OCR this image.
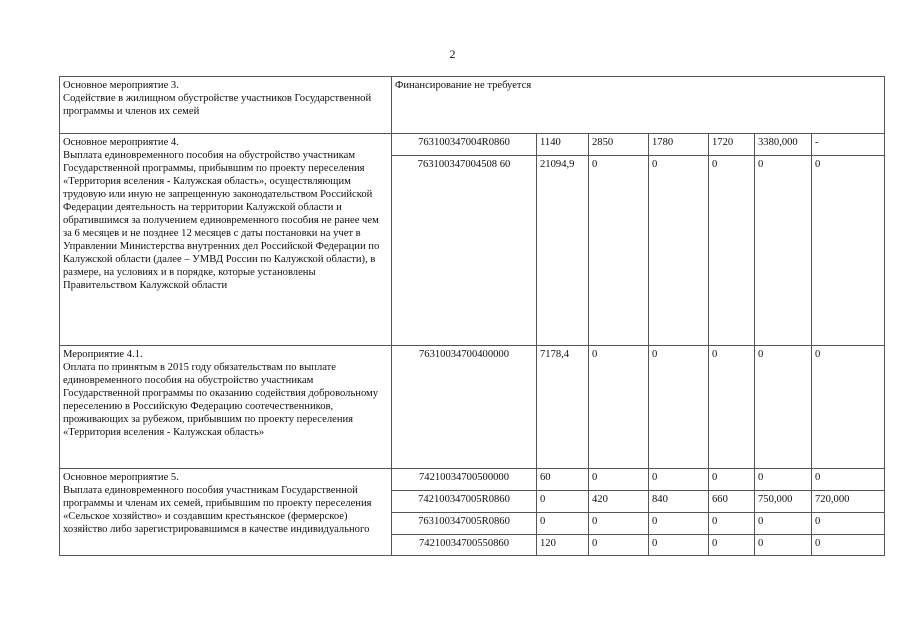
2
Основное мероприятие 3.
Содействие в жилищном обустройстве участников Государственной программы и членов их семей	Финансирование не требуется						
Основное мероприятие 4.
Выплата единовременного пособия на обустройство участникам Государственной программы, прибывшим по проекту переселения «Территория вселения - Калужская область», осуществляющим трудовую или иную не запрещенную законодательством Российской Федерации деятельность на территории Калужской области и обратившимся за получением единовременного пособия не ранее чем за 6 месяцев и не позднее 12 месяцев с даты постановки на учет в Управлении Министерства внутренних дел Российской Федерации по Калужской области (далее – УМВД России по Калужской области), в размере, на условиях и в порядке, которые установлены Правительством Калужской области	763100347004R0860	1140	2850	1780	1720	3380,000	-
	763100347004508 60	21094,9	0	0	0	0	0
Мероприятие 4.1.
Оплата по принятым в 2015 году обязательствам по выплате единовременного пособия на обустройство участникам Государственной программы по оказанию содействия добровольному переселению в Российскую Федерацию соотечественников, проживающих за рубежом, прибывшим по проекту переселения «Территория вселения - Калужская область»	76310034700400000	7178,4	0	0	0	0	0
Основное мероприятие 5.
Выплата единовременного пособия участникам Государственной программы и членам их семей, прибывшим по проекту переселения «Сельское хозяйство» и создавшим крестьянское (фермерское) хозяйство либо зарегистрировавшимся в качестве индивидуального	74210034700500000	60	0	0	0	0	0
	742100347005R0860	0	420	840	660	750,000	720,000
	763100347005R0860	0	0	0	0	0	0
	74210034700550860	120	0	0	0	0	0
